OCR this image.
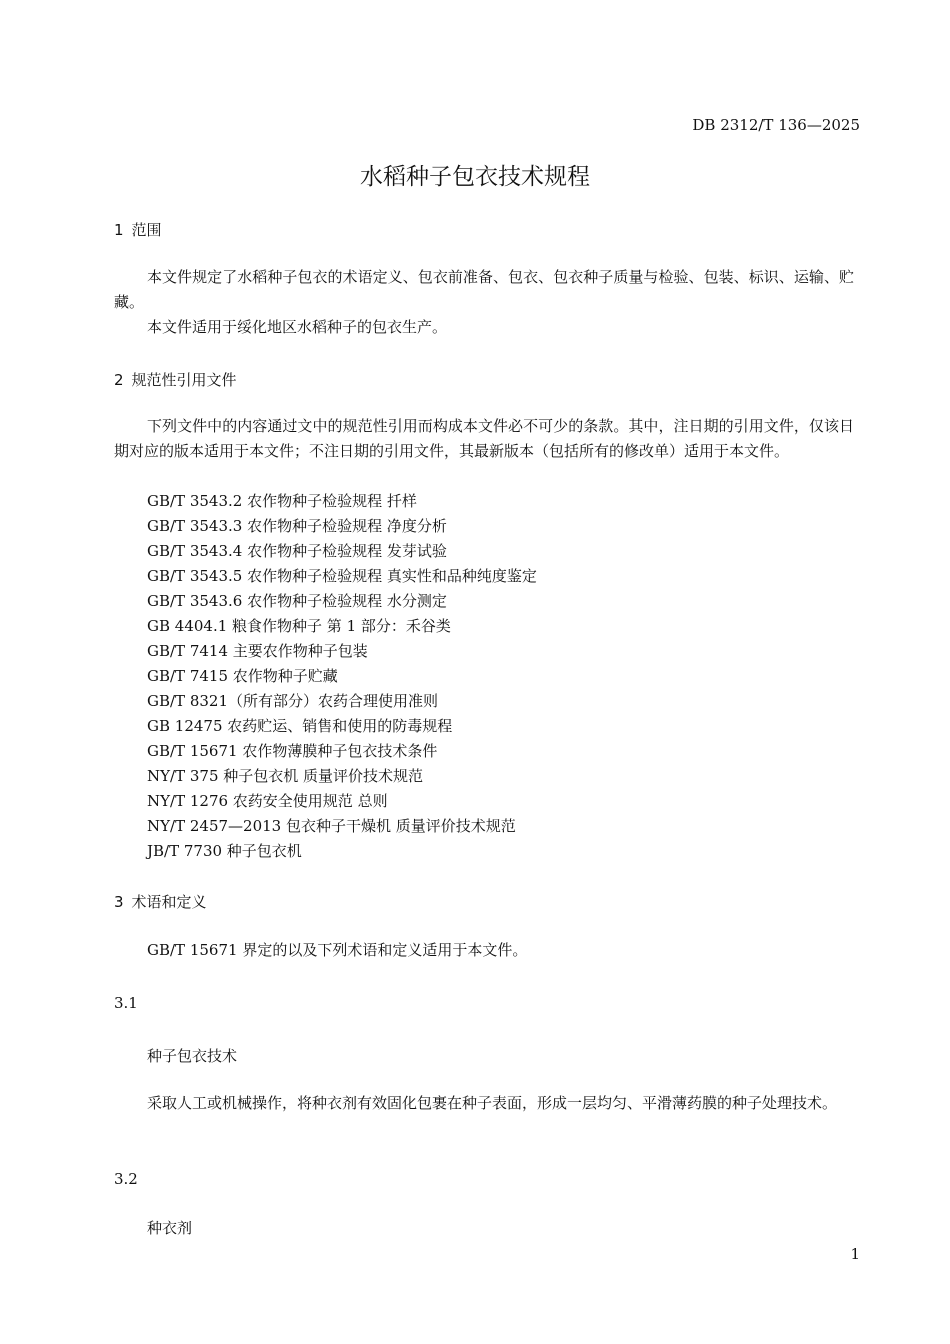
DB 2312/T 136—2025
水稻种子包衣技术规程
1 范围
本文件规定了水稻种子包衣的术语定义、包衣前准备、包衣、包衣种子质量与检验、包装、标识、运输、贮藏。
本文件适用于绥化地区水稻种子的包衣生产。
2 规范性引用文件
下列文件中的内容通过文中的规范性引用而构成本文件必不可少的条款。其中，注日期的引用文件，仅该日期对应的版本适用于本文件；不注日期的引用文件，其最新版本（包括所有的修改单）适用于本文件。
GB/T 3543.2 农作物种子检验规程 扦样
GB/T 3543.3 农作物种子检验规程 净度分析
GB/T 3543.4 农作物种子检验规程 发芽试验
GB/T 3543.5 农作物种子检验规程 真实性和品种纯度鉴定
GB/T 3543.6 农作物种子检验规程 水分测定
GB 4404.1 粮食作物种子 第 1 部分：禾谷类
GB/T 7414 主要农作物种子包装
GB/T 7415 农作物种子贮藏
GB/T 8321（所有部分）农药合理使用准则
GB 12475 农药贮运、销售和使用的防毒规程
GB/T 15671 农作物薄膜种子包衣技术条件
NY/T 375 种子包衣机 质量评价技术规范
NY/T 1276 农药安全使用规范 总则
NY/T 2457—2013 包衣种子干燥机 质量评价技术规范
JB/T 7730 种子包衣机
3 术语和定义
GB/T 15671 界定的以及下列术语和定义适用于本文件。
3.1
种子包衣技术
采取人工或机械操作，将种衣剂有效固化包裹在种子表面，形成一层均匀、平滑薄药膜的种子处理技术。
3.2
种衣剂
1
